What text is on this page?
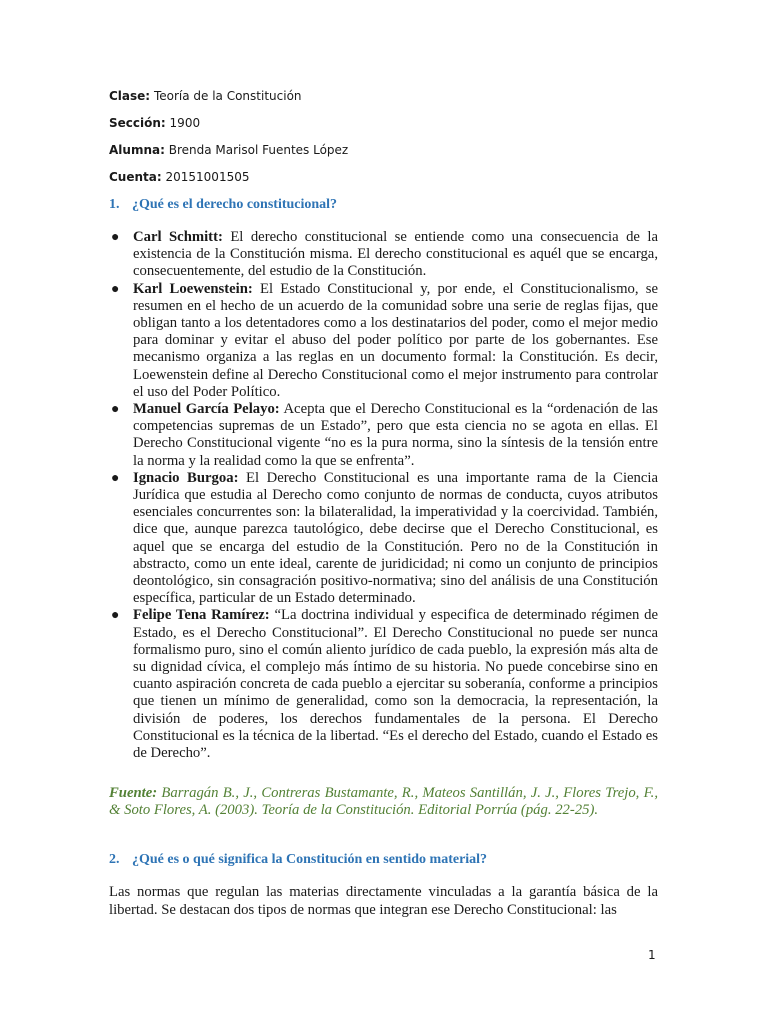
Clase: Teoría de la Constitución

Sección: 1900

Alumna: Brenda Marisol Fuentes López

Cuenta: 20151001505

1. ¿Qué es el derecho constitucional?

● Carl Schmitt: El derecho constitucional se entiende como una consecuencia de la existencia de la Constitución misma. El derecho constitucional es aquél que se encarga, consecuentemente, del estudio de la Constitución.
● Karl Loewenstein: El Estado Constitucional y, por ende, el Constitucionalismo, se resumen en el hecho de un acuerdo de la comunidad sobre una serie de reglas fijas, que obligan tanto a los detentadores como a los destinatarios del poder, como el mejor medio para dominar y evitar el abuso del poder político por parte de los gobernantes. Ese mecanismo organiza a las reglas en un documento formal: la Constitución. Es decir, Loewenstein define al Derecho Constitucional como el mejor instrumento para controlar el uso del Poder Político.
● Manuel García Pelayo: Acepta que el Derecho Constitucional es la “ordenación de las competencias supremas de un Estado”, pero que esta ciencia no se agota en ellas. El Derecho Constitucional vigente “no es la pura norma, sino la síntesis de la tensión entre la norma y la realidad como la que se enfrenta”.
● Ignacio Burgoa: El Derecho Constitucional es una importante rama de la Ciencia Jurídica que estudia al Derecho como conjunto de normas de conducta, cuyos atributos esenciales concurrentes son: la bilateralidad, la imperatividad y la coercividad. También, dice que, aunque parezca tautológico, debe decirse que el Derecho Constitucional, es aquel que se encarga del estudio de la Constitución. Pero no de la Constitución in abstracto, como un ente ideal, carente de juridicidad; ni como un conjunto de principios deontológico, sin consagración positivo-normativa; sino del análisis de una Constitución específica, particular de un Estado determinado.
● Felipe Tena Ramírez: “La doctrina individual y especifica de determinado régimen de Estado, es el Derecho Constitucional”. El Derecho Constitucional no puede ser nunca formalismo puro, sino el común aliento jurídico de cada pueblo, la expresión más alta de su dignidad cívica, el complejo más íntimo de su historia. No puede concebirse sino en cuanto aspiración concreta de cada pueblo a ejercitar su soberanía, conforme a principios que tienen un mínimo de generalidad, como son la democracia, la representación, la división de poderes, los derechos fundamentales de la persona. El Derecho Constitucional es la técnica de la libertad. “Es el derecho del Estado, cuando el Estado es de Derecho”.

Fuente: Barragán B., J., Contreras Bustamante, R., Mateos Santillán, J. J., Flores Trejo, F., & Soto Flores, A. (2003). Teoría de la Constitución. Editorial Porrúa (pág. 22-25).

2. ¿Qué es o qué significa la Constitución en sentido material?

Las normas que regulan las materias directamente vinculadas a la garantía básica de la libertad. Se destacan dos tipos de normas que integran ese Derecho Constitucional: las

1
